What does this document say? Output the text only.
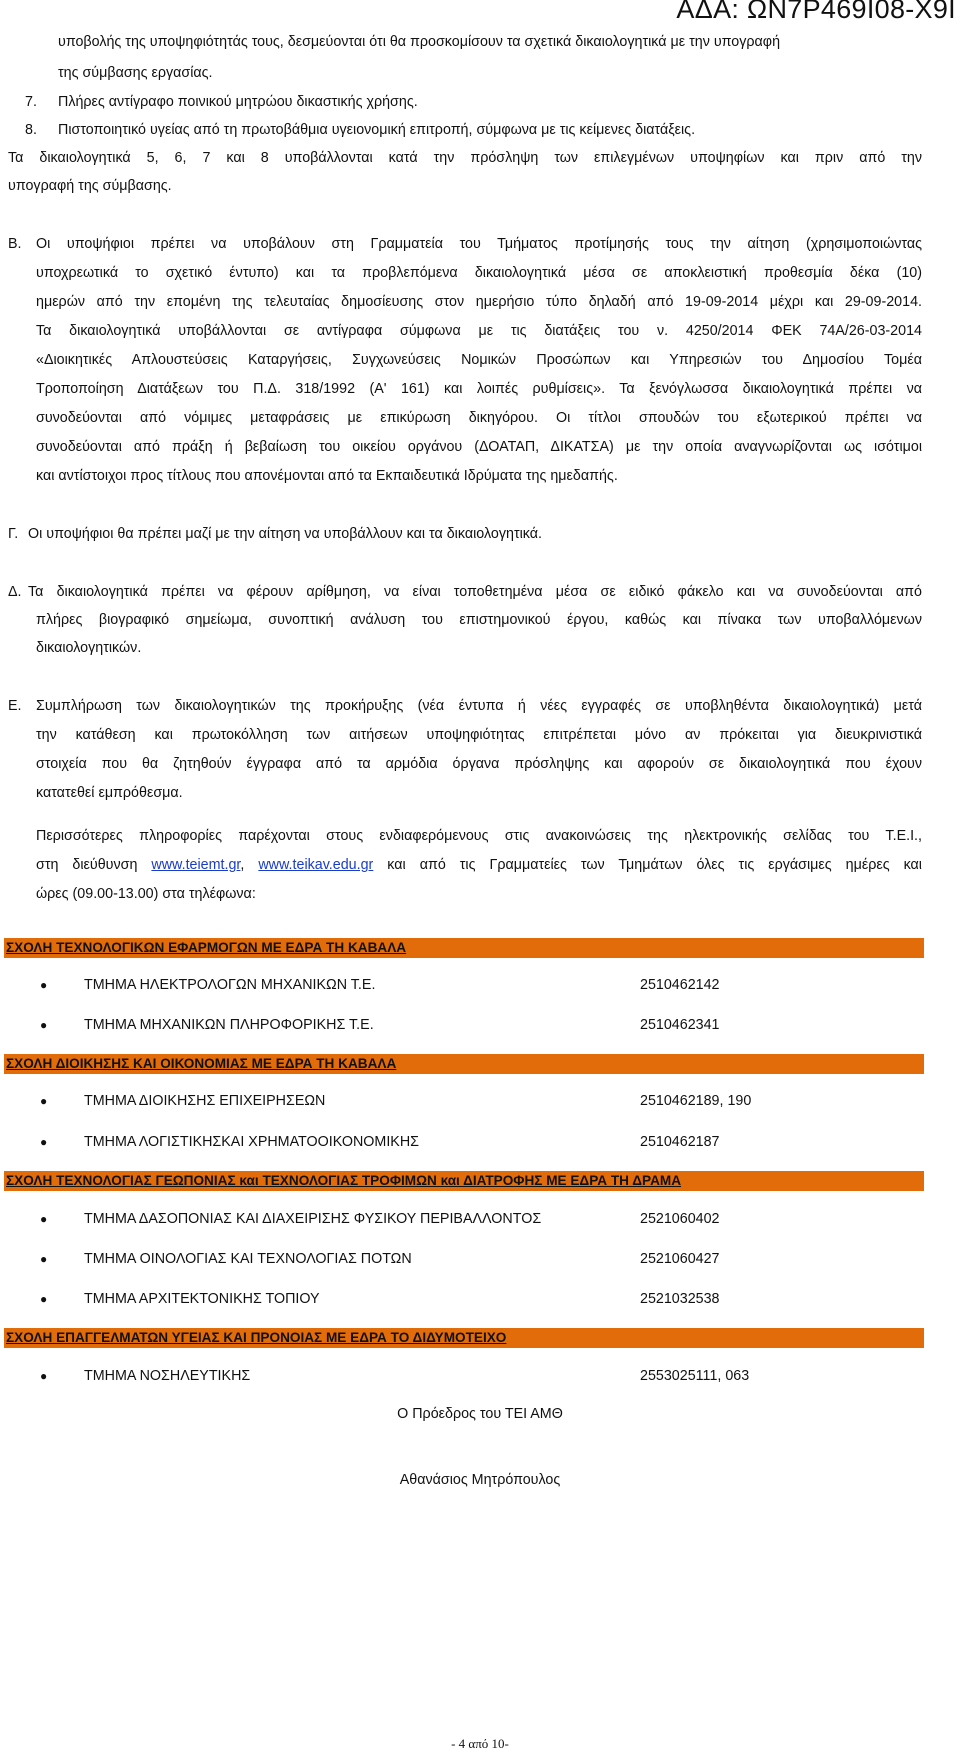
ΑΔΑ: ΩΝ7Ρ469Ι08-Χ9Ι
υποβολής της υποψηφιότητάς τους, δεσμεύονται ότι θα προσκομίσουν τα σχετικά δικαιολογητικά με την υπογραφή
της σύμβασης εργασίας.
7. Πλήρες αντίγραφο ποινικού μητρώου δικαστικής χρήσης.
8. Πιστοποιητικό υγείας από τη πρωτοβάθμια υγειονομική επιτροπή, σύμφωνα με τις κείμενες διατάξεις.
Τα δικαιολογητικά 5, 6, 7 και 8 υποβάλλονται κατά την πρόσληψη των επιλεγμένων υποψηφίων και πριν από την
υπογραφή της σύμβασης.
Β. Οι υποψήφιοι πρέπει να υποβάλουν στη Γραμματεία του Τμήματος προτίμησής τους την αίτηση (χρησιμοποιώντας
υποχρεωτικά το σχετικό έντυπο) και τα προβλεπόμενα δικαιολογητικά μέσα σε αποκλειστική προθεσμία δέκα (10)
ημερών από την επομένη της τελευταίας δημοσίευσης στον ημερήσιο τύπο δηλαδή από 19-09-2014 μέχρι και 29-09-2014.
Τα δικαιολογητικά υποβάλλονται σε αντίγραφα σύμφωνα με τις διατάξεις του ν. 4250/2014 ΦΕΚ 74Α/26-03-2014
«Διοικητικές Απλουστεύσεις Καταργήσεις, Συγχωνεύσεις Νομικών Προσώπων και Υπηρεσιών του Δημοσίου Τομέα
Τροποποίηση Διατάξεων του Π.Δ. 318/1992 (Α' 161) και λοιπές ρυθμίσεις». Τα ξενόγλωσσα δικαιολογητικά πρέπει να
συνοδεύονται από νόμιμες μεταφράσεις με επικύρωση δικηγόρου. Οι τίτλοι σπουδών του εξωτερικού πρέπει να
συνοδεύονται από πράξη ή βεβαίωση του οικείου οργάνου (ΔΟΑΤΑΠ, ΔΙΚΑΤΣΑ) με την οποία αναγνωρίζονται ως ισότιμοι
και αντίστοιχοι προς τίτλους που απονέμονται από τα Εκπαιδευτικά Ιδρύματα της ημεδαπής.
Γ. Οι υποψήφιοι θα πρέπει μαζί με την αίτηση να υποβάλλουν και τα δικαιολογητικά.
Δ. Τα δικαιολογητικά πρέπει να φέρουν αρίθμηση, να είναι τοποθετημένα μέσα σε ειδικό φάκελο και να συνοδεύονται από
πλήρες βιογραφικό σημείωμα, συνοπτική ανάλυση του επιστημονικού έργου, καθώς και πίνακα των υποβαλλόμενων
δικαιολογητικών.
Ε. Συμπλήρωση των δικαιολογητικών της προκήρυξης (νέα έντυπα ή νέες εγγραφές σε υποβληθέντα δικαιολογητικά) μετά
την κατάθεση και πρωτοκόλληση των αιτήσεων υποψηφιότητας επιτρέπεται μόνο αν πρόκειται για διευκρινιστικά
στοιχεία που θα ζητηθούν έγγραφα από τα αρμόδια όργανα πρόσληψης και αφορούν σε δικαιολογητικά που έχουν
κατατεθεί εμπρόθεσμα.
Περισσότερες πληροφορίες παρέχονται στους ενδιαφερόμενους στις ανακοινώσεις της ηλεκτρονικής σελίδας του Τ.Ε.Ι.,
στη διεύθυνση www.teiemt.gr, www.teikav.edu.gr και από τις Γραμματείες των Τμημάτων όλες τις εργάσιμες ημέρες και
ώρες (09.00-13.00) στα τηλέφωνα:
ΣΧΟΛΗ ΤΕΧΝΟΛΟΓΙΚΩΝ ΕΦΑΡΜΟΓΩΝ ΜΕ ΕΔΡΑ ΤΗ ΚΑΒΑΛΑ
●	ΤΜΗΜΑ ΗΛΕΚΤΡΟΛΟΓΩΝ ΜΗΧΑΝΙΚΩΝ Τ.Ε.	2510462142
●	ΤΜΗΜΑ ΜΗΧΑΝΙΚΩΝ ΠΛΗΡΟΦΟΡΙΚΗΣ Τ.Ε.	2510462341
ΣΧΟΛΗ ΔΙΟΙΚΗΣΗΣ ΚΑΙ ΟΙΚΟΝΟΜΙΑΣ ΜΕ ΕΔΡΑ ΤΗ ΚΑΒΑΛΑ
●	ΤΜΗΜΑ ΔΙΟΙΚΗΣΗΣ ΕΠΙΧΕΙΡΗΣΕΩΝ	2510462189, 190
●	ΤΜΗΜΑ ΛΟΓΙΣΤΙΚΗΣΚΑΙ ΧΡΗΜΑΤΟΟΙΚΟΝΟΜΙΚΗΣ	2510462187
ΣΧΟΛΗ ΤΕΧΝΟΛΟΓΙΑΣ ΓΕΩΠΟΝΙΑΣ και ΤΕΧΝΟΛΟΓΙΑΣ ΤΡΟΦΙΜΩΝ και ΔΙΑΤΡΟΦΗΣ ΜΕ ΕΔΡΑ ΤΗ ΔΡΑΜΑ
●	ΤΜΗΜΑ ΔΑΣΟΠΟΝΙΑΣ ΚΑΙ ΔΙΑΧΕΙΡΙΣΗΣ ΦΥΣΙΚΟΥ ΠΕΡΙΒΑΛΛΟΝΤΟΣ	2521060402
●	ΤΜΗΜΑ ΟΙΝΟΛΟΓΙΑΣ ΚΑΙ ΤΕΧΝΟΛΟΓΙΑΣ ΠΟΤΩΝ	2521060427
●	ΤΜΗΜΑ ΑΡΧΙΤΕΚΤΟΝΙΚΗΣ ΤΟΠΙΟΥ	2521032538
ΣΧΟΛΗ ΕΠΑΓΓΕΛΜΑΤΩΝ ΥΓΕΙΑΣ ΚΑΙ ΠΡΟΝΟΙΑΣ ΜΕ ΕΔΡΑ ΤΟ ΔΙΔΥΜΟΤΕΙΧΟ
●	ΤΜΗΜΑ ΝΟΣΗΛΕΥΤΙΚΗΣ	2553025111, 063
Ο Πρόεδρος του ΤΕΙ ΑΜΘ
Αθανάσιος Μητρόπουλος
- 4 από 10-
